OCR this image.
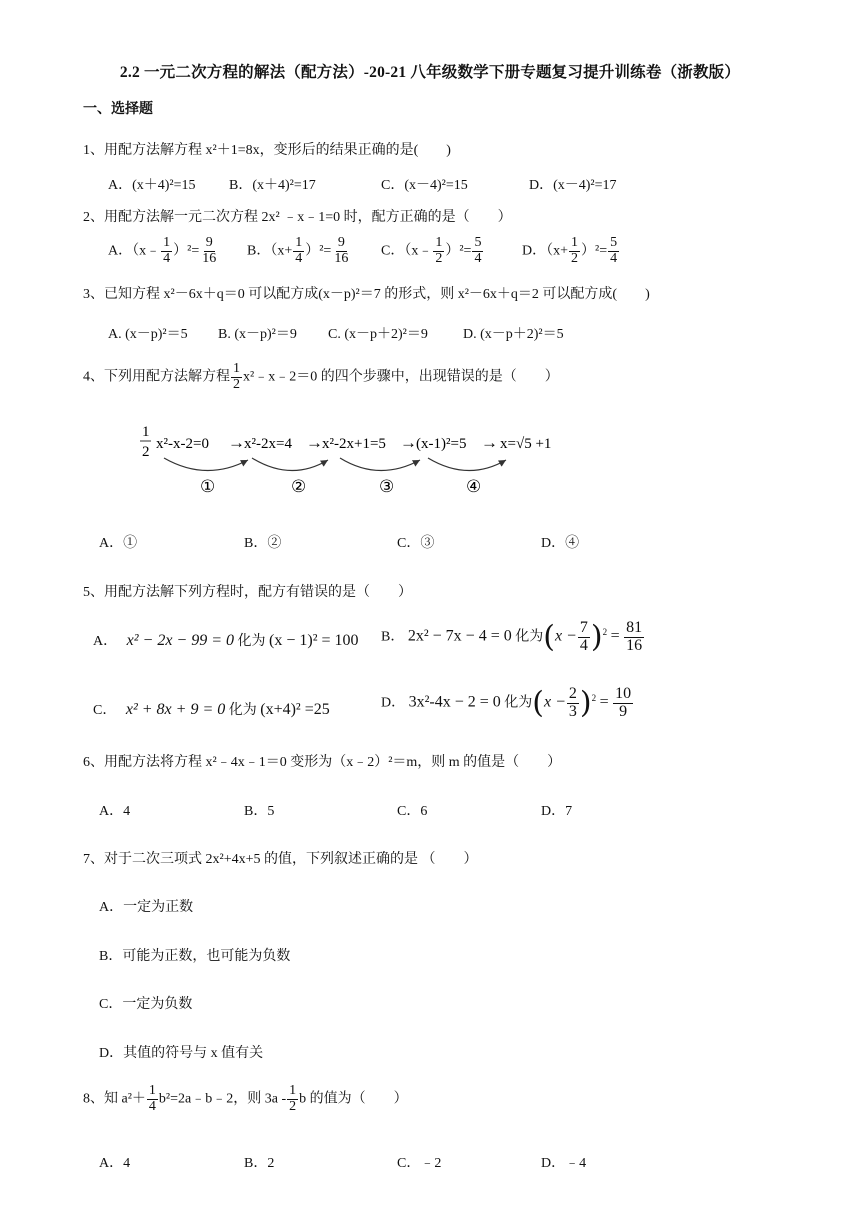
2.2 一元二次方程的解法（配方法）-20-21 八年级数学下册专题复习提升训练卷（浙教版）
一、选择题
1、用配方法解方程 x²＋1=8x，变形后的结果正确的是(　　)
A．(x＋4)²=15 B．(x＋4)²=17	C．(x－4)²=15	D．(x－4)²=17
2、用配方法解一元二次方程 2x² ﹣x﹣1=0 时，配方正确的是（　　）
A．（x﹣ $\frac{1}{4} )^2= \frac{9}{16}$ B．$(x+ \frac{1}{4} )^2= \frac{9}{16}$ C．（x﹣ $\frac{1}{2} )^2= \frac{5}{4}$	D．$(x+ \frac{1}{2} )^2= \frac{5}{4}$
3、已知方程 x²－6x＋q＝0 可以配方成(x－p)²＝7 的形式，则 x²－6x＋q＝2 可以配方成(　　)
A. (x－p)²＝5 B. (x－p)²＝9 C. (x－p＋2)²＝9	D. (x－p＋2)²＝5
4、下列用配方法解方程 $\frac{1}{2}$ x²﹣x﹣2＝0 的四个步骤中，出现错误的是（　　）
1
2 x²-x-2=0 → x²-2x=4 → x²-2x+1=5 → (x-1)²=5 → x=√5 +1
①	②	③	④
A．①	B．②	C．③	D．④
5、用配方法解下列方程时，配方有错误的是（　　）
A． x² − 2x − 99 = 0 化为 (x − 1)² = 100 B． 2x² − 7x − 4 = 0 化为$(x - \frac{7}{4} )^2 = \frac{81}{16}$
C． x² + 8x + 9 = 0 化为 (x+4)² =25	D． 3x²-4x − 2 = 0 化为$(x - \frac{2}{3} )^2 = \frac{10}{9}$
6、用配方法将方程 x²﹣4x﹣1＝0 变形为（x﹣2）²＝m，则 m 的值是（　　）
A．4	B．5	C．6	D．7
7、对于二次三项式 2x²+4x+5 的值，下列叙述正确的是 （　　）
A．一定为正数
B．可能为正数，也可能为负数
C．一定为负数
D．其值的符号与 x 值有关
8、知 $a^2+ \frac{1}{4}$ b²=2a﹣b﹣2，则 $3a - \frac{1}{2}$ b 的值为（　　）
A．4	B．2	C．﹣2	D．﹣4
